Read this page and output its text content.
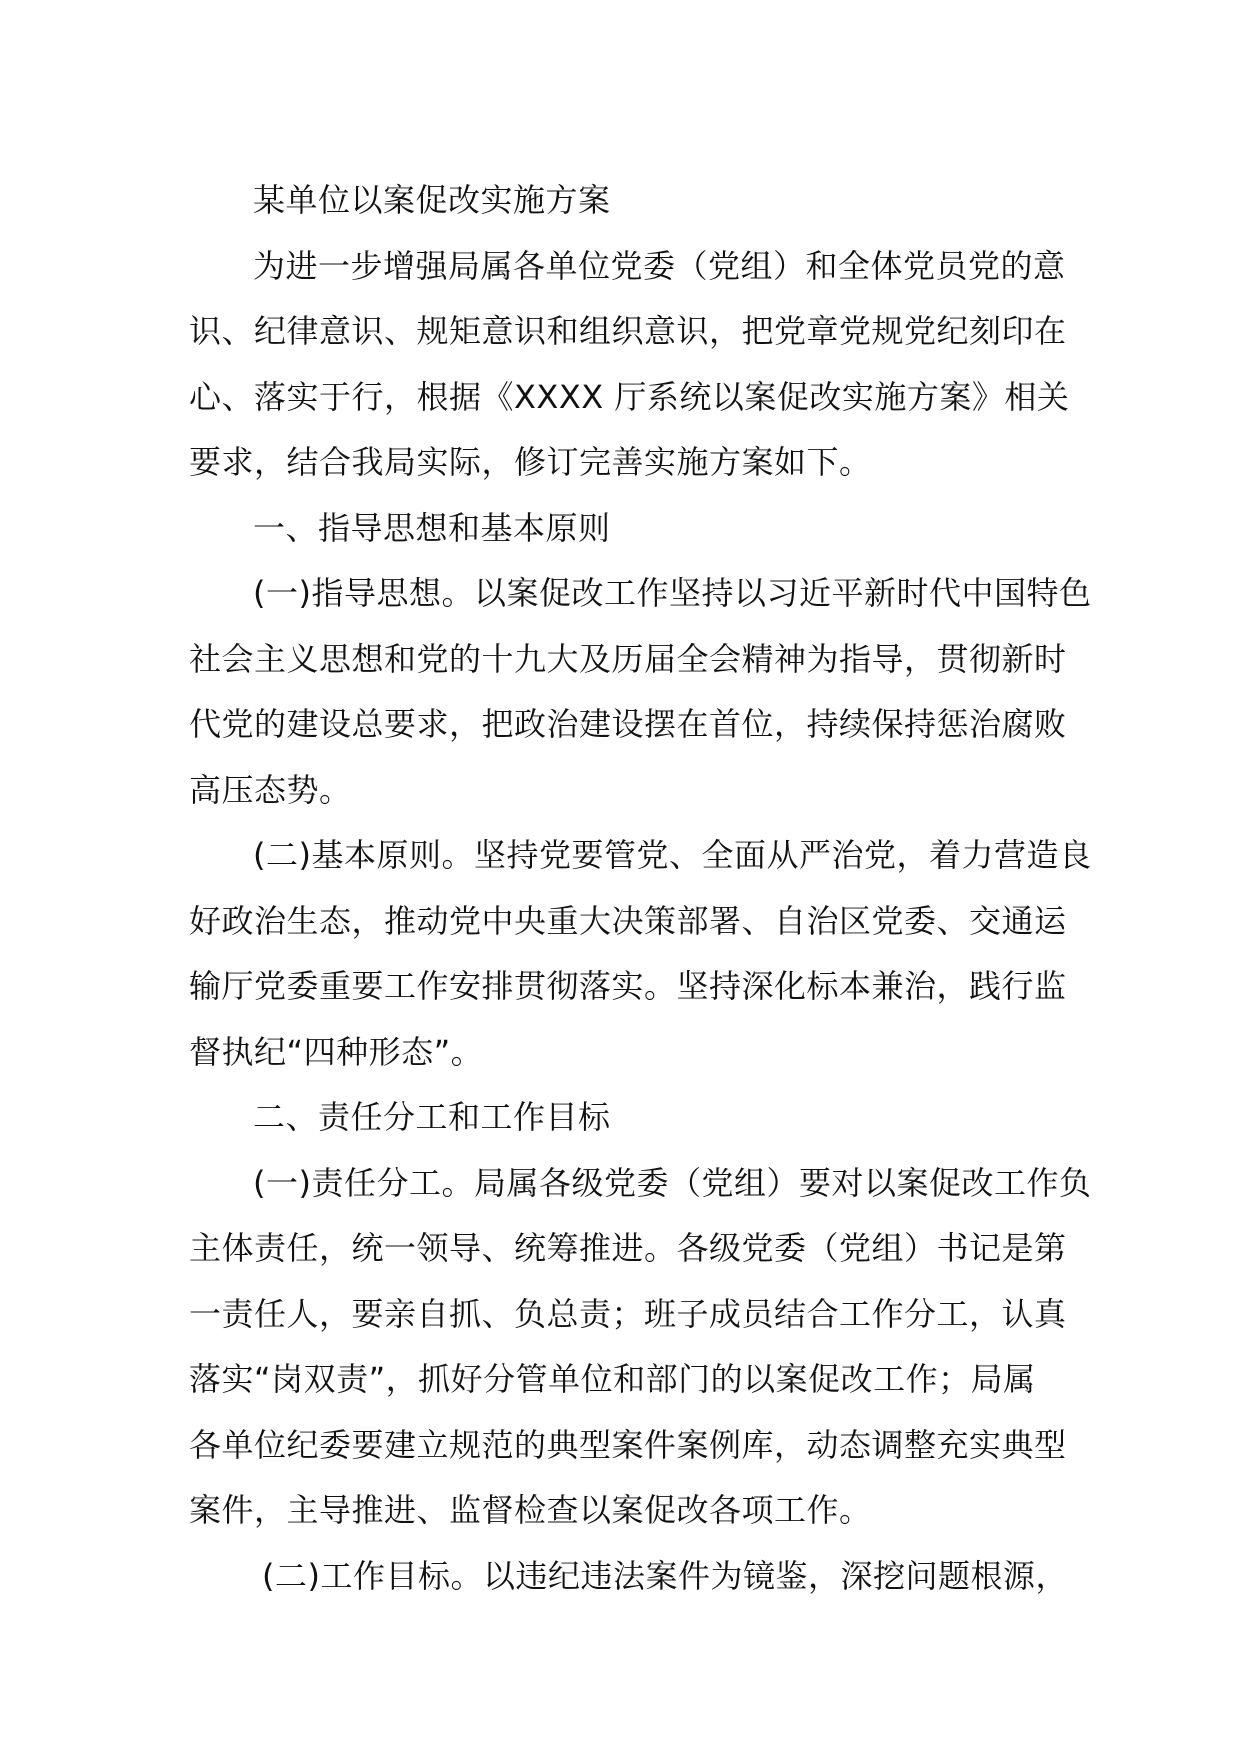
某单位以案促改实施方案
为进一步增强局属各单位党委（党组）和全体党员党的意
识、纪律意识、规矩意识和组织意识，把党章党规党纪刻印在
心、落实于行，根据《XXXX 厅系统以案促改实施方案》相关
要求，结合我局实际，修订完善实施方案如下。
一、指导思想和基本原则
(一)指导思想。以案促改工作坚持以习近平新时代中国特色
社会主义思想和党的十九大及历届全会精神为指导，贯彻新时
代党的建设总要求，把政治建设摆在首位，持续保持惩治腐败
高压态势。
(二)基本原则。坚持党要管党、全面从严治党，着力营造良
好政治生态，推动党中央重大决策部署、自治区党委、交通运
输厅党委重要工作安排贯彻落实。坚持深化标本兼治，践行监
督执纪“四种形态”。
二、责任分工和工作目标
(一)责任分工。局属各级党委（党组）要对以案促改工作负
主体责任，统一领导、统筹推进。各级党委（党组）书记是第
一责任人，要亲自抓、负总责；班子成员结合工作分工，认真
落实“岗双责”，抓好分管单位和部门的以案促改工作；局属
各单位纪委要建立规范的典型案件案例库，动态调整充实典型
案件，主导推进、监督检查以案促改各项工作。
(二)工作目标。以违纪违法案件为镜鉴，深挖问题根源，
